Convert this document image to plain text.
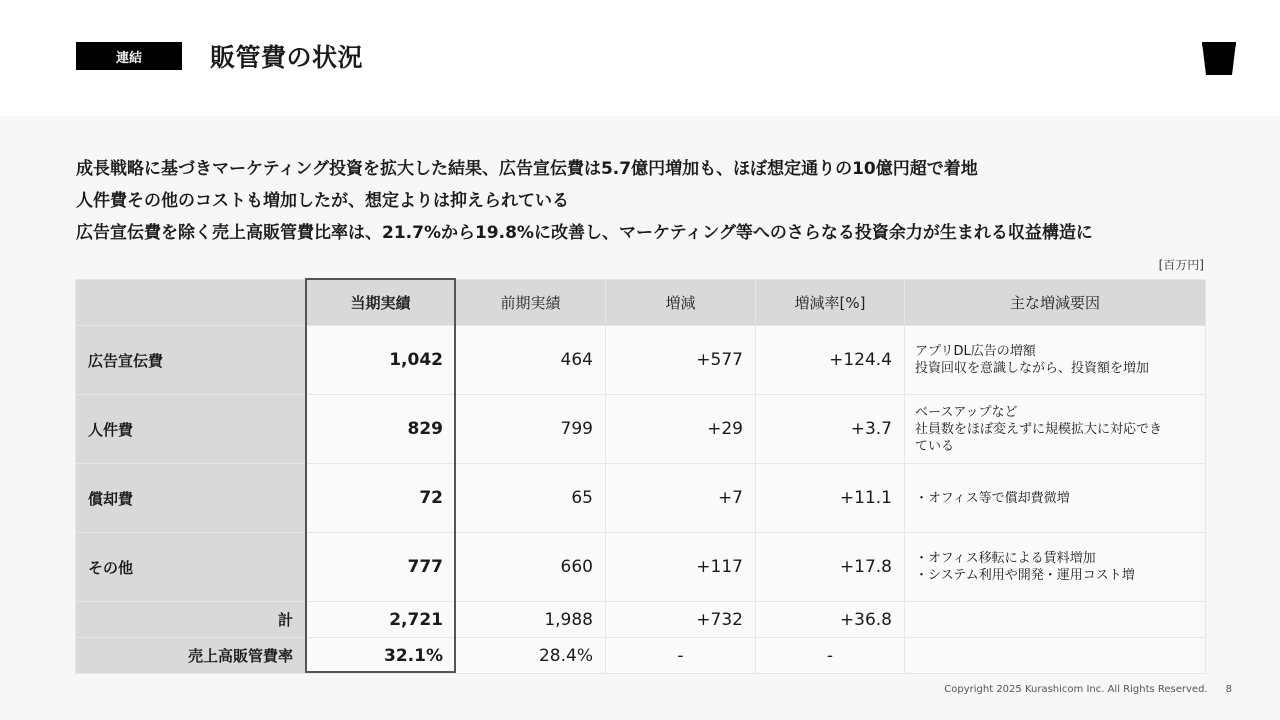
連結	販管費の状況
成長戦略に基づきマーケティング投資を拡大した結果、広告宣伝費は5.7億円増加も、ほぼ想定通りの10億円超で着地
人件費その他のコストも増加したが、想定よりは抑えられている
広告宣伝費を除く売上高販管費比率は、21.7%から19.8%に改善し、マーケティング等へのさらなる投資余力が生まれる収益構造に
[百万円]
	当期実績	前期実績	増減	増減率[%]	主な増減要因
広告宣伝費	1,042	464	+577	+124.4	アプリDL広告の増額
投資回収を意識しながら、投資額を増加

人件費	829	799	+29	+3.7	ベースアップなど
社員数をほぼ変えずに規模拡大に対応でき
ている

償却費	72	65	+7	+11.1	・オフィス等で償却費微増

その他	777	660	+117	+17.8	・オフィス移転による賃料増加
・システム利用や開発・運用コスト増

計	2,721	1,988	+732	+36.8	
売上高販管費率	32.1%	28.4%	-	-	
Copyright 2025 Kurashicom Inc. All Rights Reserved. 8
